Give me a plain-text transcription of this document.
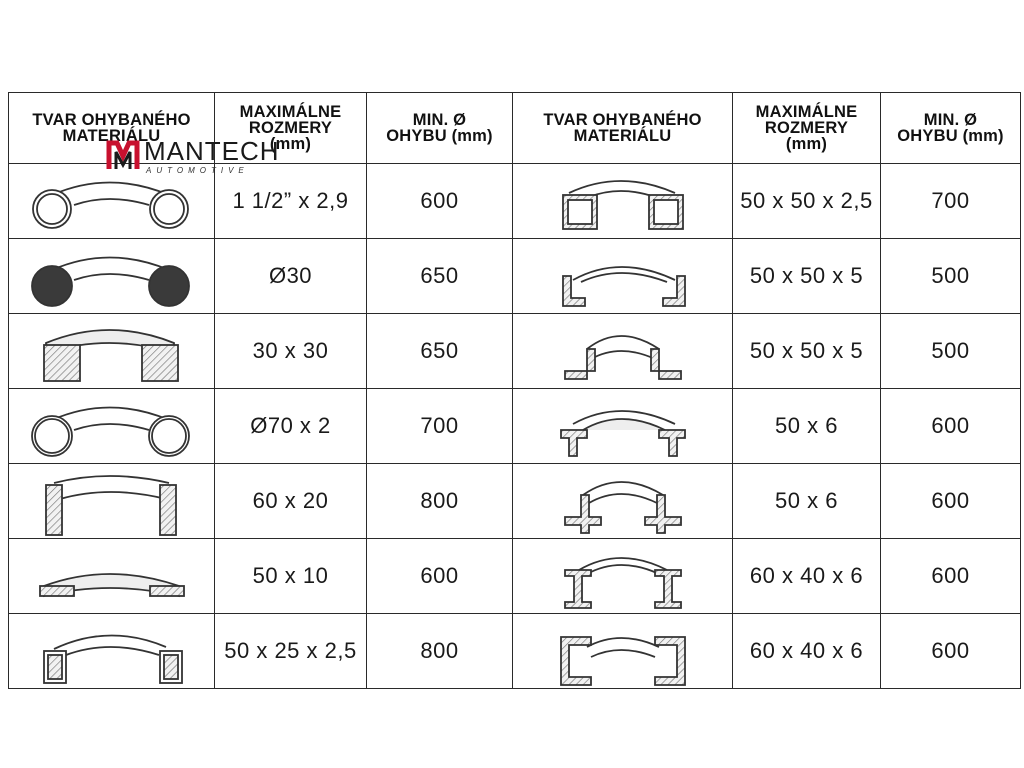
TVAR OHYBANÉHO
MATERIÁLU	MAXIMÁLNE
ROZMERY
(mm)	MIN. Ø
OHYBU (mm)	TVAR OHYBANÉHO
MATERIÁLU	MAXIMÁLNE
ROZMERY
(mm)	MIN. Ø
OHYBU (mm)

	1 1/2” x 2,9	600		50 x 50 x 2,5	700

	Ø30	650		50 x 50 x 5	500

	30 x 30	650		50 x 50 x 5	500

	Ø70 x 2	700		50 x 6	600

	60 x 20	800		50 x 6	600

	50 x 10	600		60 x 40 x 6	600

	50 x 25 x 2,5	800		60 x 40 x 6	600
MANTECH
AUTOMOTIVE
